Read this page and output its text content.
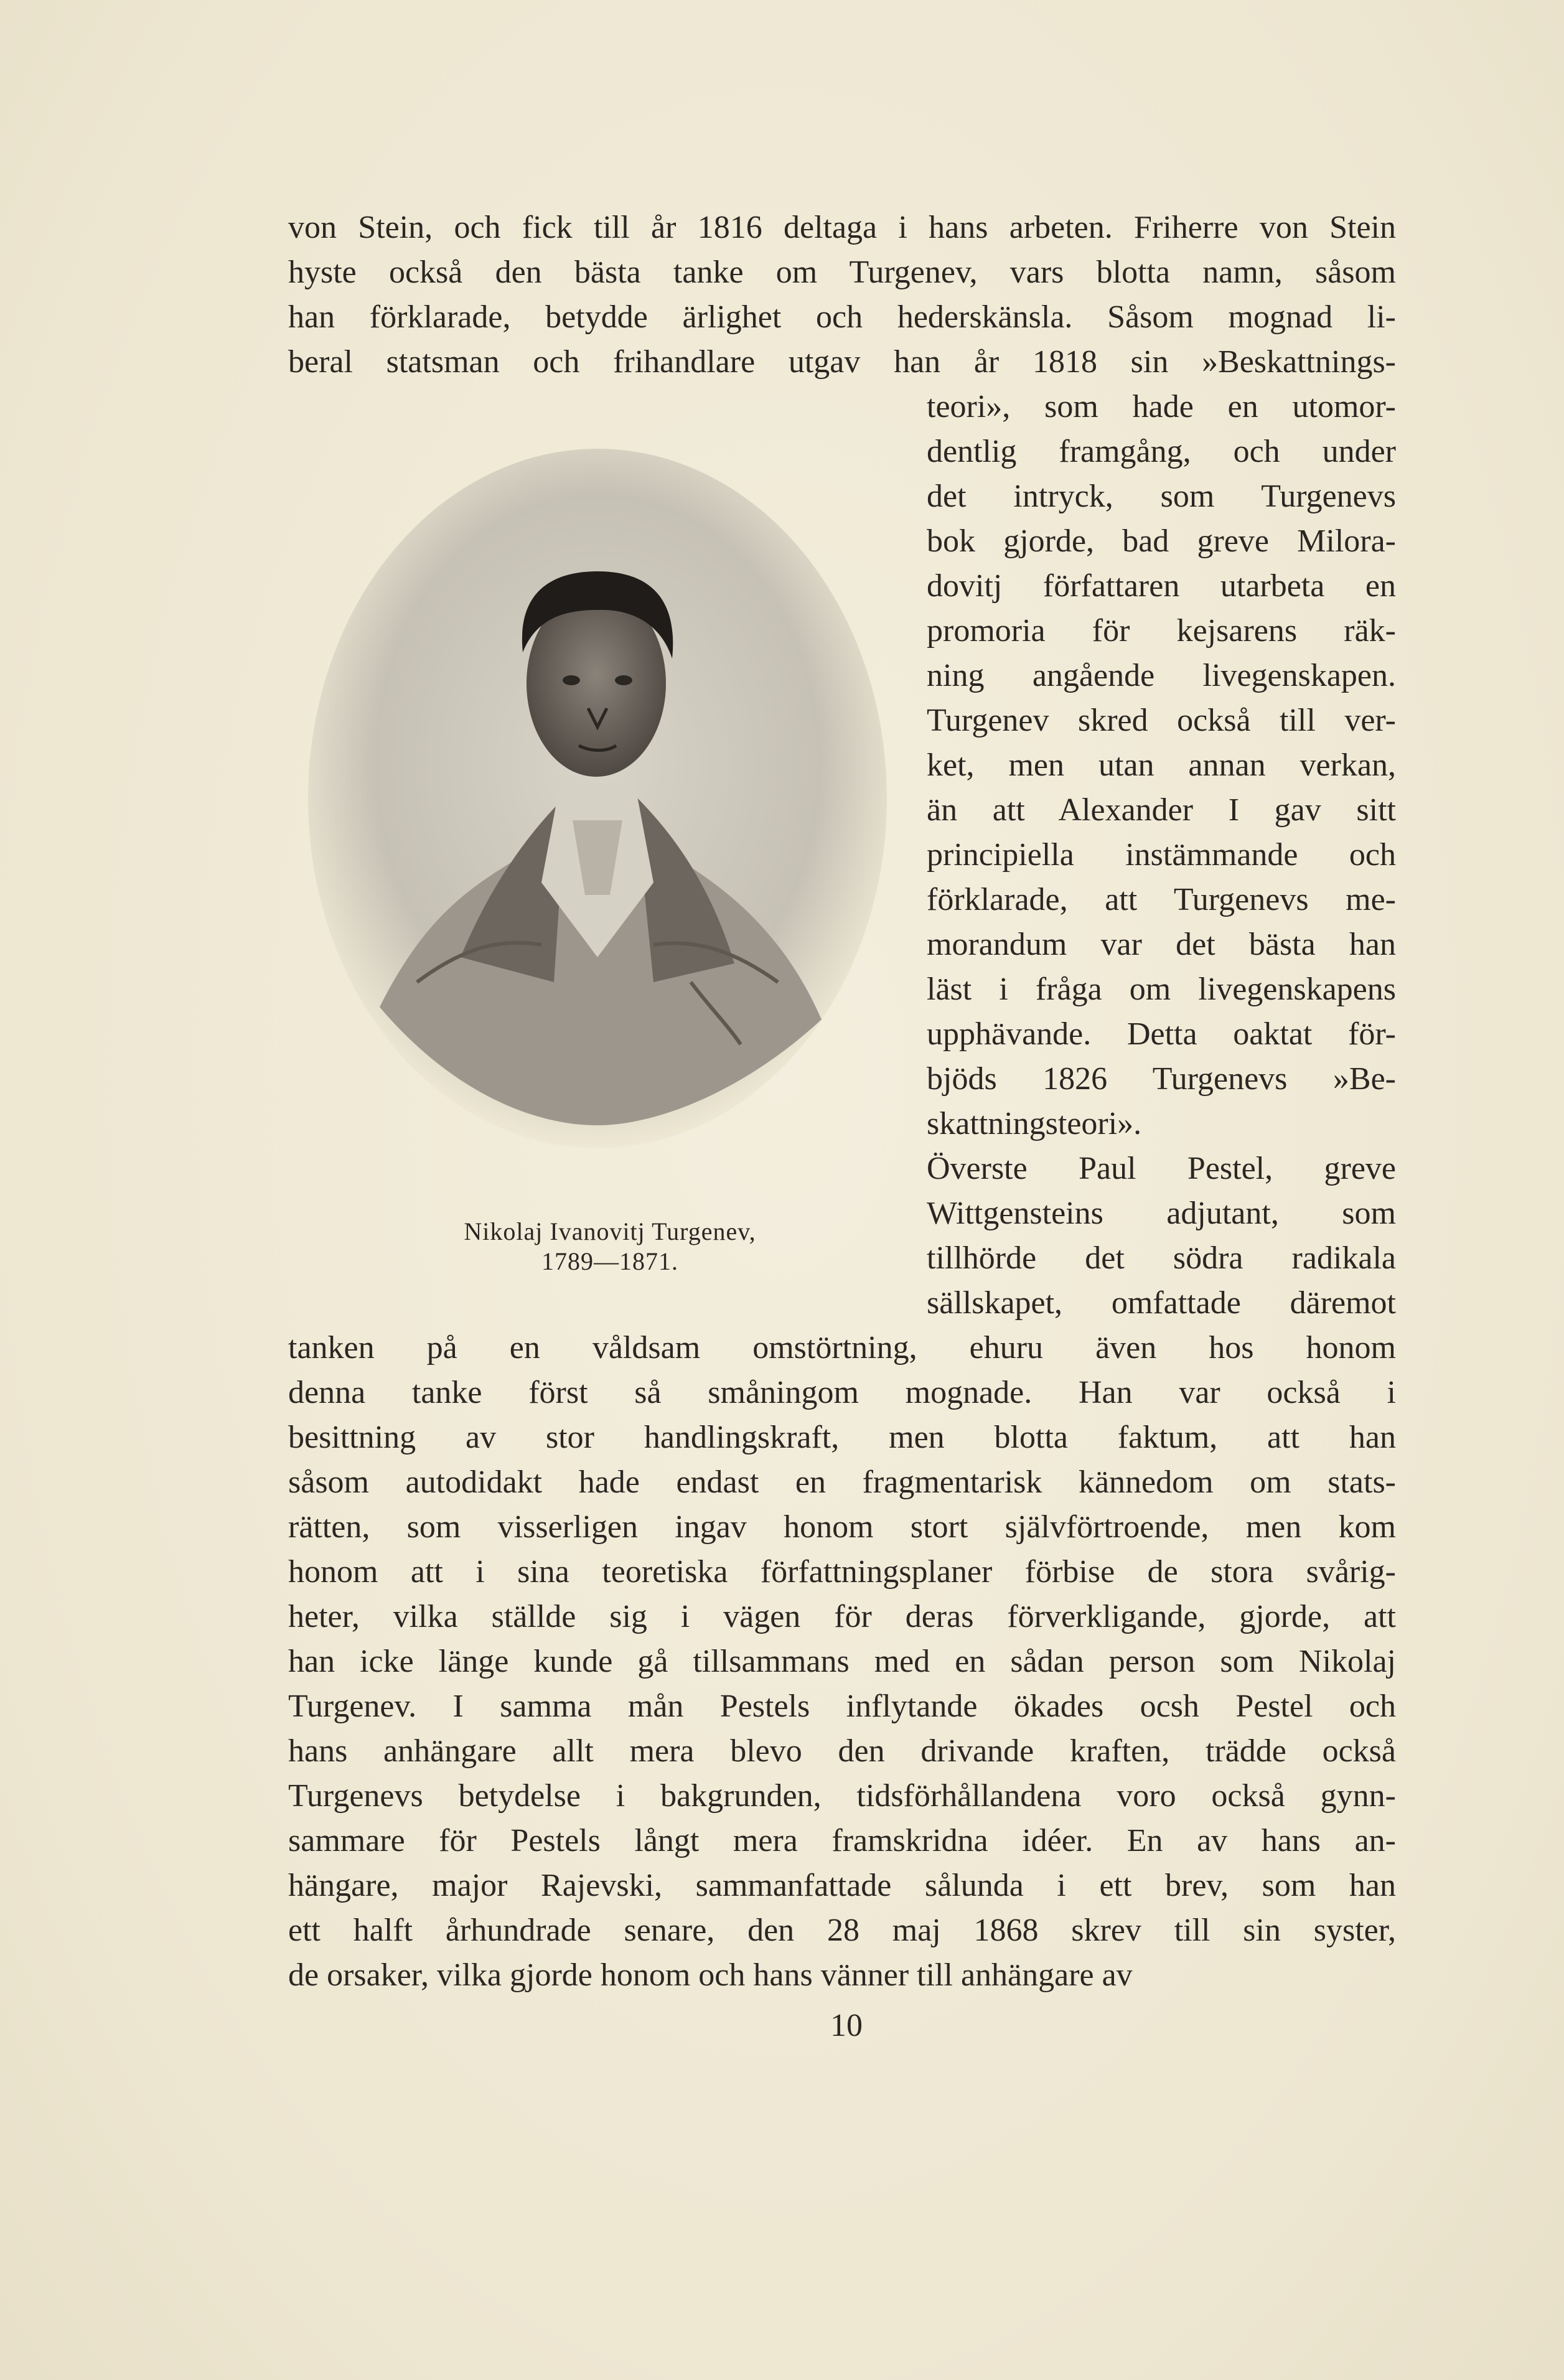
von Stein, och fick till år 1816 deltaga i hans arbeten. Friherre von Stein
hyste också den bästa tanke om Turgenev, vars blotta namn, såsom
han förklarade, betydde ärlighet och hederskänsla. Såsom mognad li-
beral statsman och frihandlare utgav han år 1818 sin »Beskattnings-
Nikolaj Ivanovitj Turgenev,
1789—1871.
teori», som hade en utomor-
dentlig framgång, och under
det intryck, som Turgenevs
bok gjorde, bad greve Milora-
dovitj författaren utarbeta en
promoria för kejsarens räk-
ning angående livegenskapen.
Turgenev skred också till ver-
ket, men utan annan verkan,
än att Alexander I gav sitt
principiella instämmande och
förklarade, att Turgenevs me-
morandum var det bästa han
läst i fråga om livegenskapens
upphävande. Detta oaktat för-
bjöds 1826 Turgenevs »Be-
skattningsteori».
Överste Paul Pestel, greve
Wittgensteins adjutant, som
tillhörde det södra radikala
sällskapet, omfattade däremot
tanken på en våldsam omstörtning, ehuru även hos honom
denna tanke först så småningom mognade. Han var också i
besittning av stor handlingskraft, men blotta faktum, att han
såsom autodidakt hade endast en fragmentarisk kännedom om stats-
rätten, som visserligen ingav honom stort självförtroende, men kom
honom att i sina teoretiska författningsplaner förbise de stora svårig-
heter, vilka ställde sig i vägen för deras förverkligande, gjorde, att
han icke länge kunde gå tillsammans med en sådan person som Nikolaj
Turgenev. I samma mån Pestels inflytande ökades ocsh Pestel och
hans anhängare allt mera blevo den drivande kraften, trädde också
Turgenevs betydelse i bakgrunden, tidsförhållandena voro också gynn-
sammare för Pestels långt mera framskridna idéer. En av hans an-
hängare, major Rajevski, sammanfattade sålunda i ett brev, som han
ett halft århundrade senare, den 28 maj 1868 skrev till sin syster,
de orsaker, vilka gjorde honom och hans vänner till anhängare av
10
